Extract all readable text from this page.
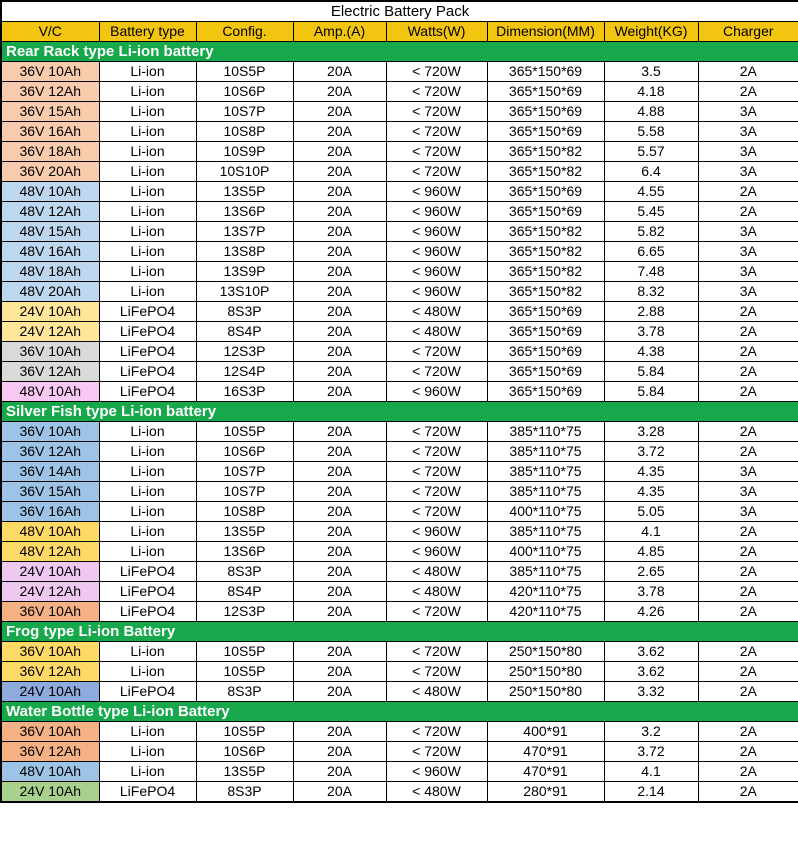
Electric Battery Pack							
V/C	Battery type	Config.	Amp.(A)	Watts(W)	Dimension(MM)	Weight(KG)	Charger
Rear Rack type Li-ion battery							
36V 10Ah	Li-ion	10S5P	20A	< 720W	365*150*69	3.5	2A
36V 12Ah	Li-ion	10S6P	20A	< 720W	365*150*69	4.18	2A
36V 15Ah	Li-ion	10S7P	20A	< 720W	365*150*69	4.88	3A
36V 16Ah	Li-ion	10S8P	20A	< 720W	365*150*69	5.58	3A
36V 18Ah	Li-ion	10S9P	20A	< 720W	365*150*82	5.57	3A
36V 20Ah	Li-ion	10S10P	20A	< 720W	365*150*82	6.4	3A
48V 10Ah	Li-ion	13S5P	20A	< 960W	365*150*69	4.55	2A
48V 12Ah	Li-ion	13S6P	20A	< 960W	365*150*69	5.45	2A
48V 15Ah	Li-ion	13S7P	20A	< 960W	365*150*82	5.82	3A
48V 16Ah	Li-ion	13S8P	20A	< 960W	365*150*82	6.65	3A
48V 18Ah	Li-ion	13S9P	20A	< 960W	365*150*82	7.48	3A
48V 20Ah	Li-ion	13S10P	20A	< 960W	365*150*82	8.32	3A
24V 10Ah	LiFePO4	8S3P	20A	< 480W	365*150*69	2.88	2A
24V 12Ah	LiFePO4	8S4P	20A	< 480W	365*150*69	3.78	2A
36V 10Ah	LiFePO4	12S3P	20A	< 720W	365*150*69	4.38	2A
36V 12Ah	LiFePO4	12S4P	20A	< 720W	365*150*69	5.84	2A
48V 10Ah	LiFePO4	16S3P	20A	< 960W	365*150*69	5.84	2A
Silver Fish type Li-ion battery							
36V 10Ah	Li-ion	10S5P	20A	< 720W	385*110*75	3.28	2A
36V 12Ah	Li-ion	10S6P	20A	< 720W	385*110*75	3.72	2A
36V 14Ah	Li-ion	10S7P	20A	< 720W	385*110*75	4.35	3A
36V 15Ah	Li-ion	10S7P	20A	< 720W	385*110*75	4.35	3A
36V 16Ah	Li-ion	10S8P	20A	< 720W	400*110*75	5.05	3A
48V 10Ah	Li-ion	13S5P	20A	< 960W	385*110*75	4.1	2A
48V 12Ah	Li-ion	13S6P	20A	< 960W	400*110*75	4.85	2A
24V 10Ah	LiFePO4	8S3P	20A	< 480W	385*110*75	2.65	2A
24V 12Ah	LiFePO4	8S4P	20A	< 480W	420*110*75	3.78	2A
36V 10Ah	LiFePO4	12S3P	20A	< 720W	420*110*75	4.26	2A
Frog type Li-ion Battery							
36V 10Ah	Li-ion	10S5P	20A	< 720W	250*150*80	3.62	2A
36V 12Ah	Li-ion	10S5P	20A	< 720W	250*150*80	3.62	2A
24V 10Ah	LiFePO4	8S3P	20A	< 480W	250*150*80	3.32	2A
Water Bottle type Li-ion Battery							
36V 10Ah	Li-ion	10S5P	20A	< 720W	400*91	3.2	2A
36V 12Ah	Li-ion	10S6P	20A	< 720W	470*91	3.72	2A
48V 10Ah	Li-ion	13S5P	20A	< 960W	470*91	4.1	2A
24V 10Ah	LiFePO4	8S3P	20A	< 480W	280*91	2.14	2A
